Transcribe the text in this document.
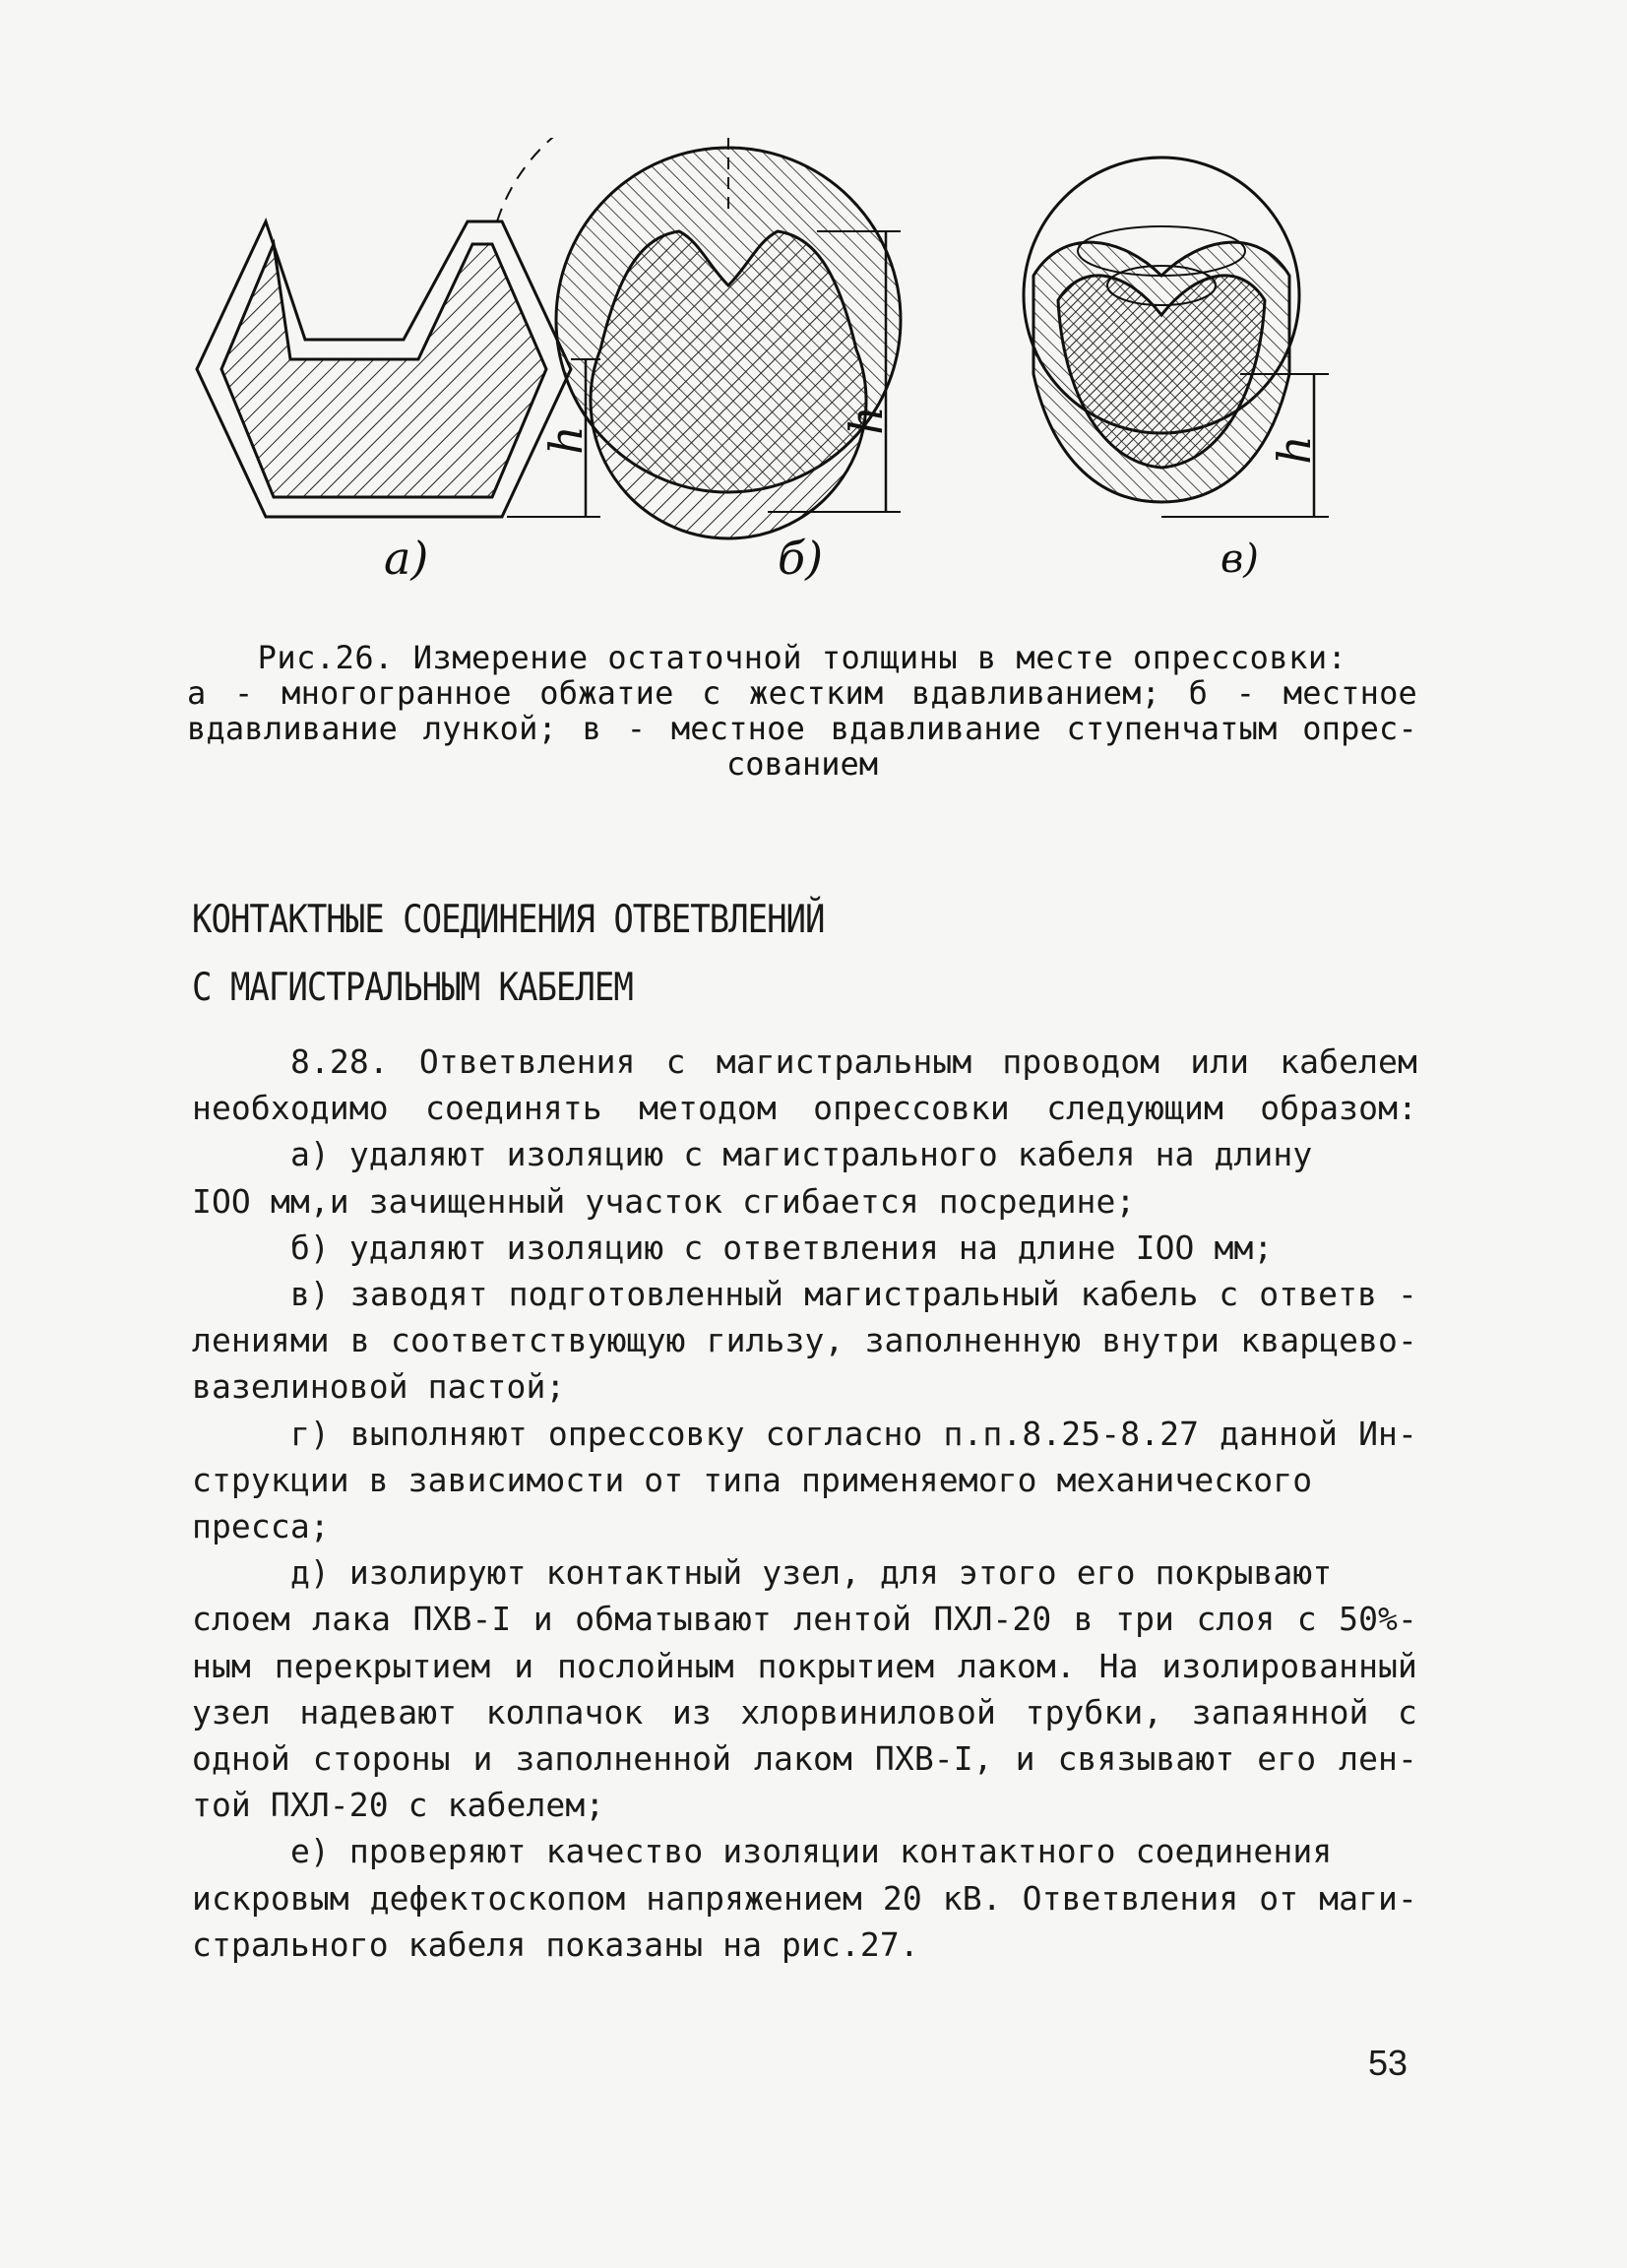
а)	б)	в)
h
h
h
Рис.26. Измерение остаточной толщины в месте опрессовки:
а - многогранное обжатие с жестким вдавливанием; б - местное
вдавливание лункой; в - местное вдавливание ступенчатым опрес-
сованием
КОНТАКТНЫЕ СОЕДИНЕНИЯ ОТВЕТВЛЕНИЙ
С МАГИСТРАЛЬНЫМ КАБЕЛЕМ

8.28. Ответвления с магистральным проводом или кабелем

необходимо соединять методом опрессовки следующим образом:

а) удаляют изоляцию с магистрального кабеля на длину

IOO мм,и зачищенный участок сгибается посредине;

б) удаляют изоляцию с ответвления на длине IOO мм;

в) заводят подготовленный магистральный кабель с ответв -

лениями в соответствующую гильзу, заполненную внутри кварцево-

вазелиновой пастой;

г) выполняют опрессовку согласно п.п.8.25-8.27 данной Ин-

струкции в зависимости от типа применяемого механического

пресса;

д) изолируют контактный узел, для этого его покрывают

слоем лака ПХВ-I и обматывают лентой ПХЛ-20 в три слоя с 50%-

ным перекрытием и послойным покрытием лаком. На изолированный

узел надевают колпачок из хлорвиниловой трубки, запаянной с

одной стороны и заполненной лаком ПХВ-I, и связывают его лен-

той ПХЛ-20 с кабелем;

е) проверяют качество изоляции контактного соединения

искровым дефектоскопом напряжением 20 кВ. Ответвления от маги-

стрального кабеля показаны на рис.27.

53
